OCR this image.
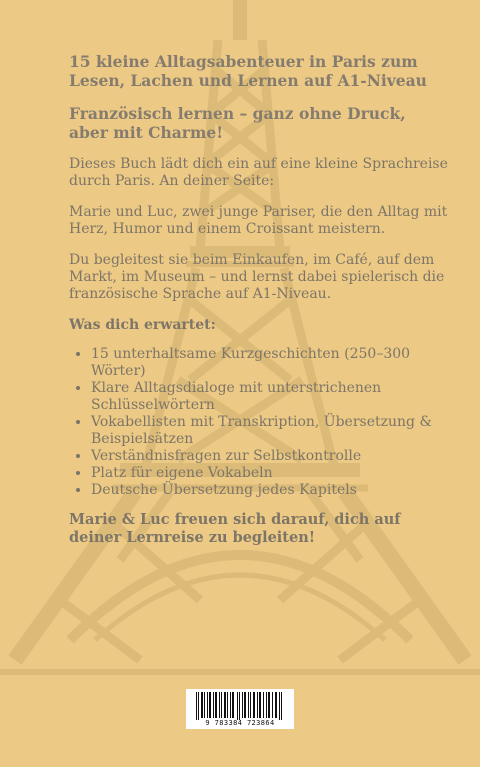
15 kleine Alltagsabenteuer in Paris zum Lesen, Lachen und Lernen auf A1-Niveau
Französisch lernen – ganz ohne Druck, aber mit Charme!

Dieses Buch lädt dich ein auf eine kleine Sprachreise durch Paris. An deiner Seite:

Marie und Luc, zwei junge Pariser, die den Alltag mit Herz, Humor und einem Croissant meistern.

Du begleitest sie beim Einkaufen, im Café, auf dem Markt, im Museum – und lernst dabei spielerisch die französische Sprache auf A1-Niveau.

Was dich erwartet:

• 15 unterhaltsame Kurzgeschichten (250–300 Wörter)
• Klare Alltagsdialoge mit unterstrichenen Schlüsselwörtern
• Vokabellisten mit Transkription, Übersetzung & Beispielsätzen
• Verständnisfragen zur Selbstkontrolle
• Platz für eigene Vokabeln
• Deutsche Übersetzung jedes Kapitels

Marie & Luc freuen sich darauf, dich auf deiner Lernreise zu begleiten!

9 783384 723864
